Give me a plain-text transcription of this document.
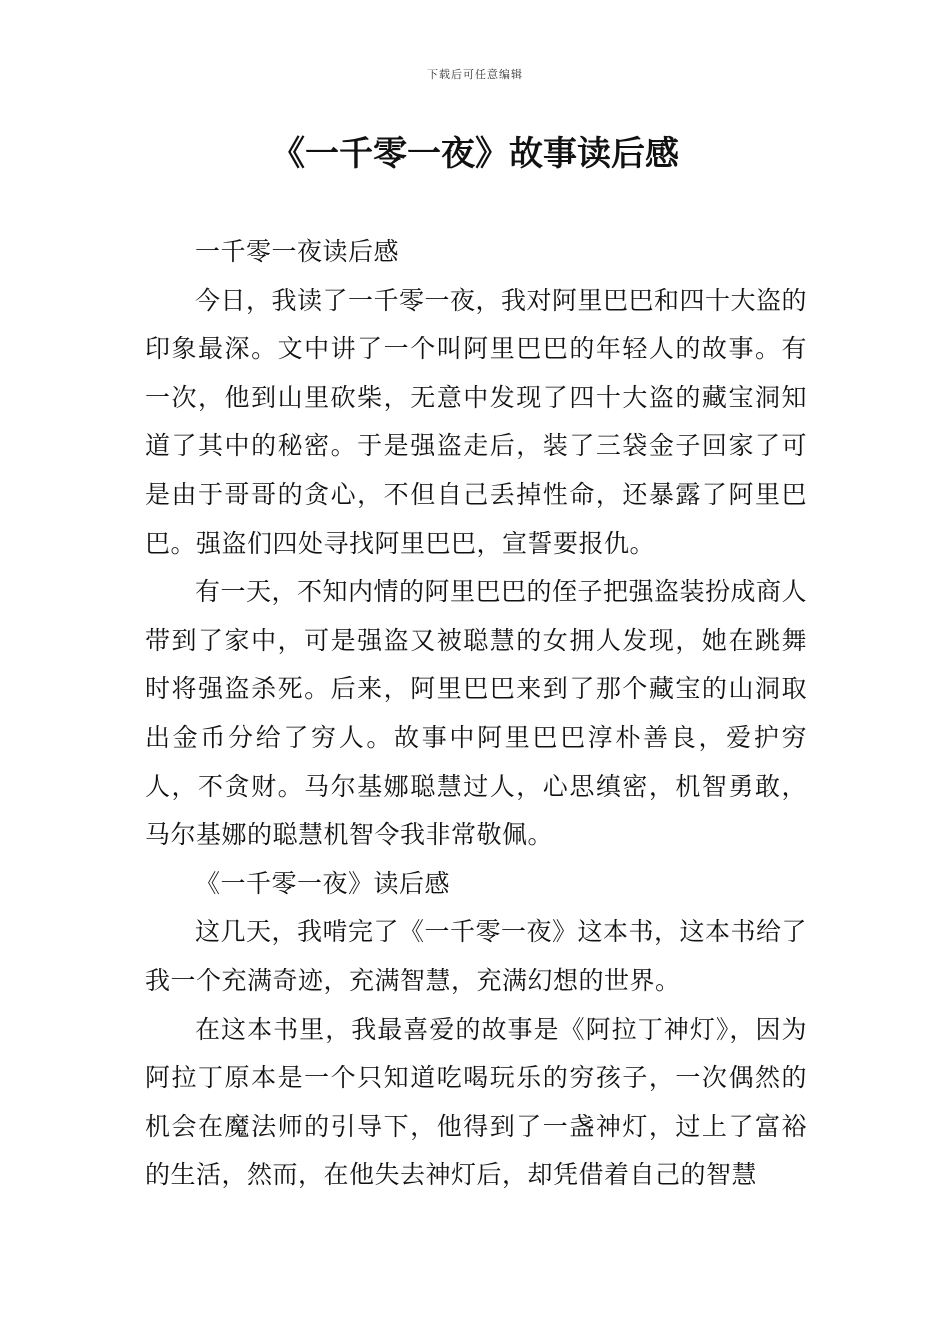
下载后可任意编辑
《一千零一夜》故事读后感

一千零一夜读后感

今日，我读了一千零一夜，我对阿里巴巴和四十大盗的印象最深。文中讲了一个叫阿里巴巴的年轻人的故事。有一次，他到山里砍柴，无意中发现了四十大盗的藏宝洞知道了其中的秘密。于是强盗走后，装了三袋金子回家了可是由于哥哥的贪心，不但自己丢掉性命，还暴露了阿里巴巴。强盗们四处寻找阿里巴巴，宣誓要报仇。

有一天，不知内情的阿里巴巴的侄子把强盗装扮成商人带到了家中，可是强盗又被聪慧的女拥人发现，她在跳舞时将强盗杀死。后来，阿里巴巴来到了那个藏宝的山洞取出金币分给了穷人。故事中阿里巴巴淳朴善良，爱护穷人，不贪财。马尔基娜聪慧过人，心思缜密，机智勇敢，马尔基娜的聪慧机智令我非常敬佩。

《一千零一夜》读后感

这几天，我啃完了《一千零一夜》这本书，这本书给了我一个充满奇迹，充满智慧，充满幻想的世界。

在这本书里，我最喜爱的故事是《阿拉丁神灯》，因为阿拉丁原本是一个只知道吃喝玩乐的穷孩子，一次偶然的机会在魔法师的引导下，他得到了一盏神灯，过上了富裕的生活，然而，在他失去神灯后，却凭借着自己的智慧
